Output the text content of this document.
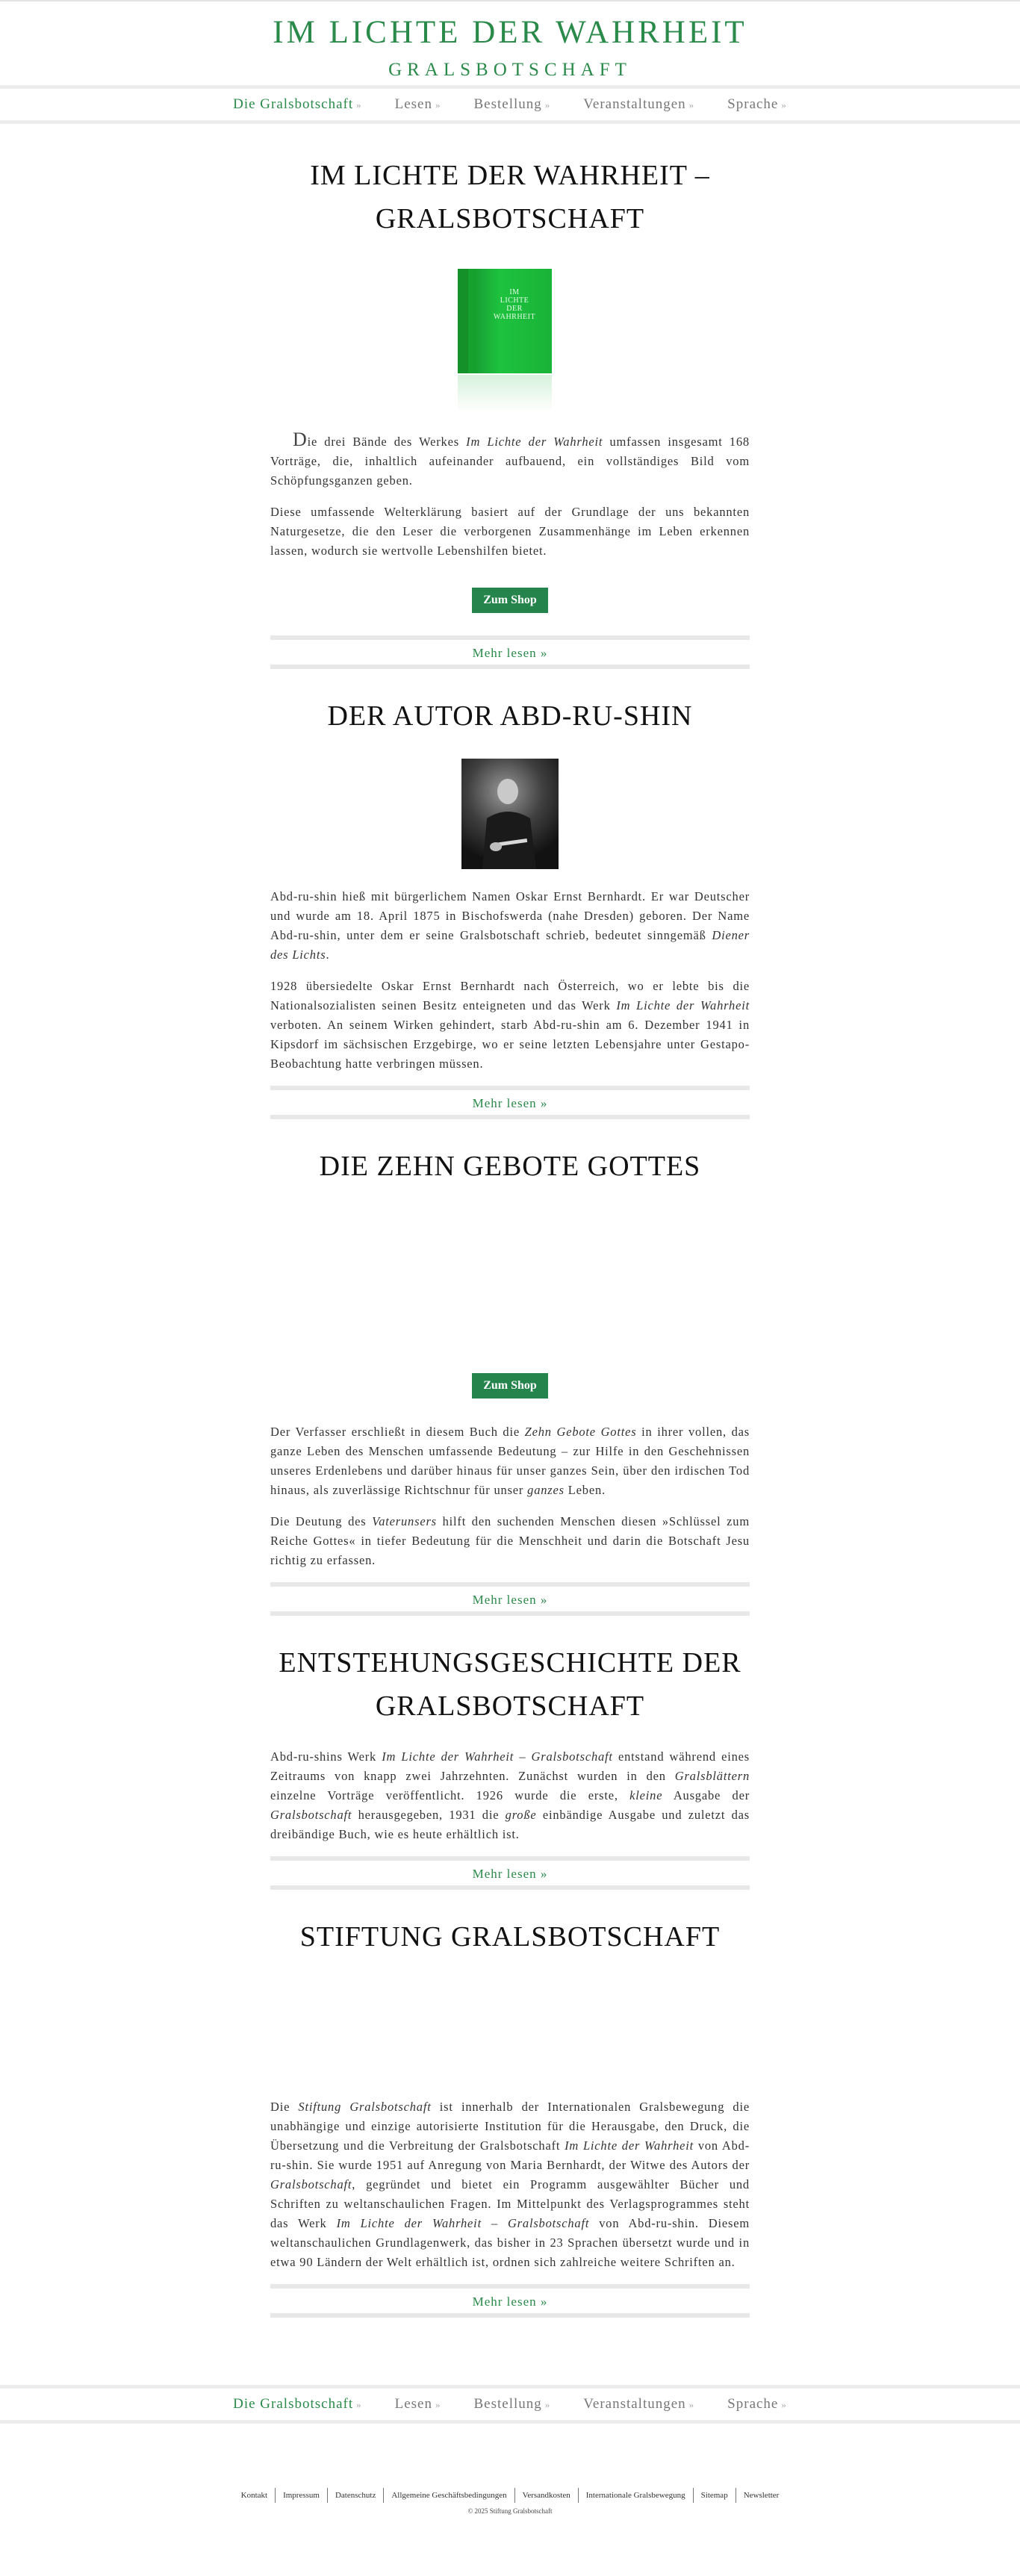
IM LICHTE DER WAHRHEIT
GRALSBOTSCHAFT
Die Gralsbotschaft » Lesen » Bestellung » Veranstaltungen » Sprache »
IM LICHTE DER WAHRHEIT –
GRALSBOTSCHAFT
IM
LICHTE
DER
WAHRHEIT

Die drei Bände des Werkes Im Lichte der Wahrheit umfassen insgesamt 168 Vorträge, die, inhaltlich aufeinander aufbauend, ein vollständiges Bild vom Schöpfungsganzen geben.

Diese umfassende Welterklärung basiert auf der Grundlage der uns bekannten Naturgesetze, die den Leser die verborgenen Zusammenhänge im Leben erkennen lassen, wodurch sie wertvolle Lebenshilfen bietet.

Zum Shop
Mehr lesen »
DER AUTOR ABD-RU-SHIN

Abd-ru-shin hieß mit bürgerlichem Namen Oskar Ernst Bernhardt. Er war Deutscher und wurde am 18. April 1875 in Bischofswerda (nahe Dresden) geboren. Der Name Abd-ru-shin, unter dem er seine Gralsbotschaft schrieb, bedeutet sinngemäß Diener des Lichts.

1928 übersiedelte Oskar Ernst Bernhardt nach Österreich, wo er lebte bis die Nationalsozialisten seinen Besitz enteigneten und das Werk Im Lichte der Wahrheit verboten. An seinem Wirken gehindert, starb Abd-ru-shin am 6. Dezember 1941 in Kipsdorf im sächsischen Erzgebirge, wo er seine letzten Lebensjahre unter Gestapo-Beobachtung hatte verbringen müssen.

Mehr lesen »
DIE ZEHN GEBOTE GOTTES
Zum Shop

Der Verfasser erschließt in diesem Buch die Zehn Gebote Gottes in ihrer vollen, das ganze Leben des Menschen umfassende Bedeutung – zur Hilfe in den Geschehnissen unseres Erdenlebens und darüber hinaus für unser ganzes Sein, über den irdischen Tod hinaus, als zuverlässige Richtschnur für unser ganzes Leben.

Die Deutung des Vaterunsers hilft den suchenden Menschen diesen »Schlüssel zum Reiche Gottes« in tiefer Bedeutung für die Menschheit und darin die Botschaft Jesu richtig zu erfassen.

Mehr lesen »
ENTSTEHUNGSGESCHICHTE DER
GRALSBOTSCHAFT

Abd-ru-shins Werk Im Lichte der Wahrheit – Gralsbotschaft entstand während eines Zeitraums von knapp zwei Jahrzehnten. Zunächst wurden in den Gralsblättern einzelne Vorträge veröffentlicht. 1926 wurde die erste, kleine Ausgabe der Gralsbotschaft herausgegeben, 1931 die große einbändige Ausgabe und zuletzt das dreibändige Buch, wie es heute erhältlich ist.

Mehr lesen »
STIFTUNG GRALSBOTSCHAFT

Die Stiftung Gralsbotschaft ist innerhalb der Internationalen Gralsbewegung die unabhängige und einzige autorisierte Institution für die Herausgabe, den Druck, die Übersetzung und die Verbreitung der Gralsbotschaft Im Lichte der Wahrheit von Abd-ru-shin. Sie wurde 1951 auf Anregung von Maria Bernhardt, der Witwe des Autors der Gralsbotschaft, gegründet und bietet ein Programm ausgewählter Bücher und Schriften zu weltanschaulichen Fragen. Im Mittelpunkt des Verlagsprogrammes steht das Werk Im Lichte der Wahrheit – Gralsbotschaft von Abd-ru-shin. Diesem weltanschaulichen Grundlagenwerk, das bisher in 23 Sprachen übersetzt wurde und in etwa 90 Ländern der Welt erhältlich ist, ordnen sich zahlreiche weitere Schriften an.

Mehr lesen »
Die Gralsbotschaft » Lesen » Bestellung » Veranstaltungen » Sprache »
Kontakt	Impressum	Datenschutz	Allgemeine Geschäftsbedingungen	Versandkosten	Internationale Gralsbewegung	Sitemap	Newsletter
© 2025 Stiftung Gralsbotschaft
